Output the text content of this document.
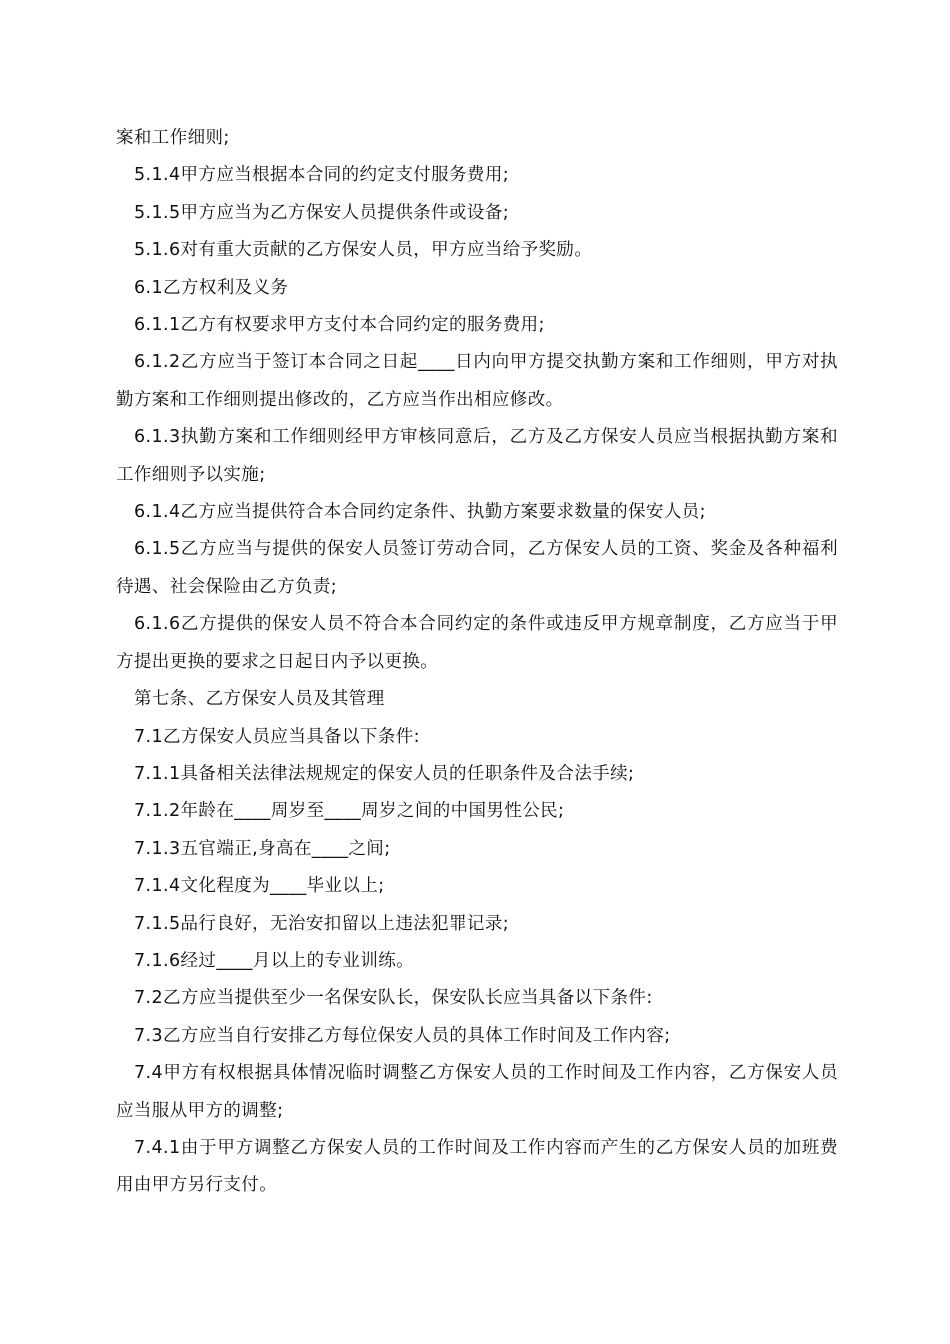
案和工作细则;

5.1.4甲方应当根据本合同的约定支付服务费用;

5.1.5甲方应当为乙方保安人员提供条件或设备;

5.1.6对有重大贡献的乙方保安人员，甲方应当给予奖励。

6.1乙方权利及义务

6.1.1乙方有权要求甲方支付本合同约定的服务费用;

6.1.2乙方应当于签订本合同之日起____日内向甲方提交执勤方案和工作细则，甲方对执勤方案和工作细则提出修改的，乙方应当作出相应修改。

6.1.3执勤方案和工作细则经甲方审核同意后，乙方及乙方保安人员应当根据执勤方案和工作细则予以实施;

6.1.4乙方应当提供符合本合同约定条件、执勤方案要求数量的保安人员;

6.1.5乙方应当与提供的保安人员签订劳动合同，乙方保安人员的工资、奖金及各种福利待遇、社会保险由乙方负责;

6.1.6乙方提供的保安人员不符合本合同约定的条件或违反甲方规章制度，乙方应当于甲方提出更换的要求之日起日内予以更换。

第七条、乙方保安人员及其管理

7.1乙方保安人员应当具备以下条件:

7.1.1具备相关法律法规规定的保安人员的任职条件及合法手续;

7.1.2年龄在____周岁至____周岁之间的中国男性公民;

7.1.3五官端正,身高在____之间;

7.1.4文化程度为____毕业以上;

7.1.5品行良好，无治安扣留以上违法犯罪记录;

7.1.6经过____月以上的专业训练。

7.2乙方应当提供至少一名保安队长，保安队长应当具备以下条件:

7.3乙方应当自行安排乙方每位保安人员的具体工作时间及工作内容;

7.4甲方有权根据具体情况临时调整乙方保安人员的工作时间及工作内容，乙方保安人员应当服从甲方的调整;

7.4.1由于甲方调整乙方保安人员的工作时间及工作内容而产生的乙方保安人员的加班费用由甲方另行支付。
